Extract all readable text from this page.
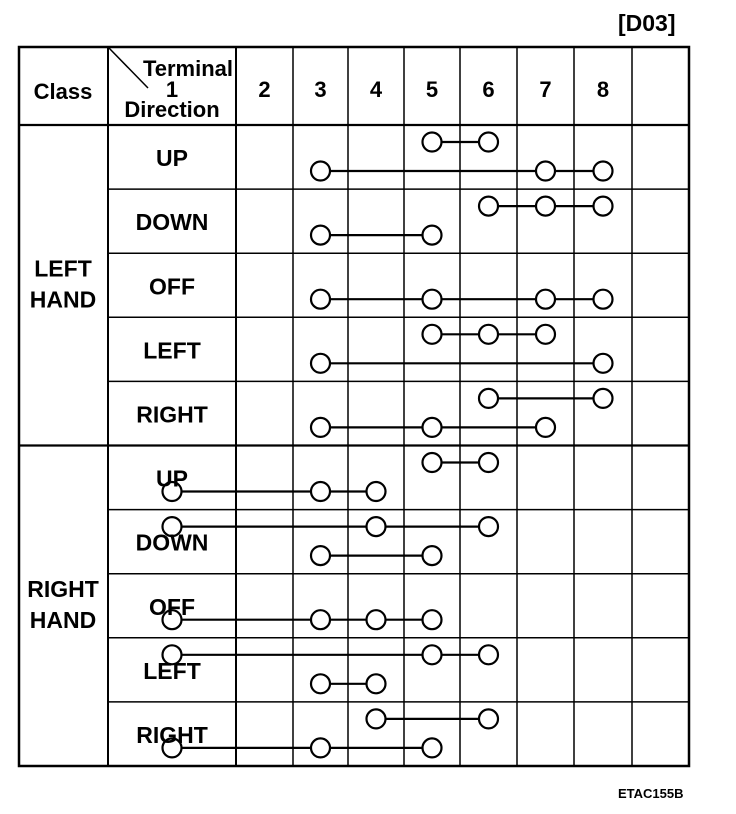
[D03]
Class
Terminal
Direction
1	2 3 4 5 6 7 8
LEFT
HAND
UP
DOWN
OFF
LEFT
RIGHT
RIGHT
HAND
UP
DOWN
OFF
LEFT
RIGHT
ETAC155B
